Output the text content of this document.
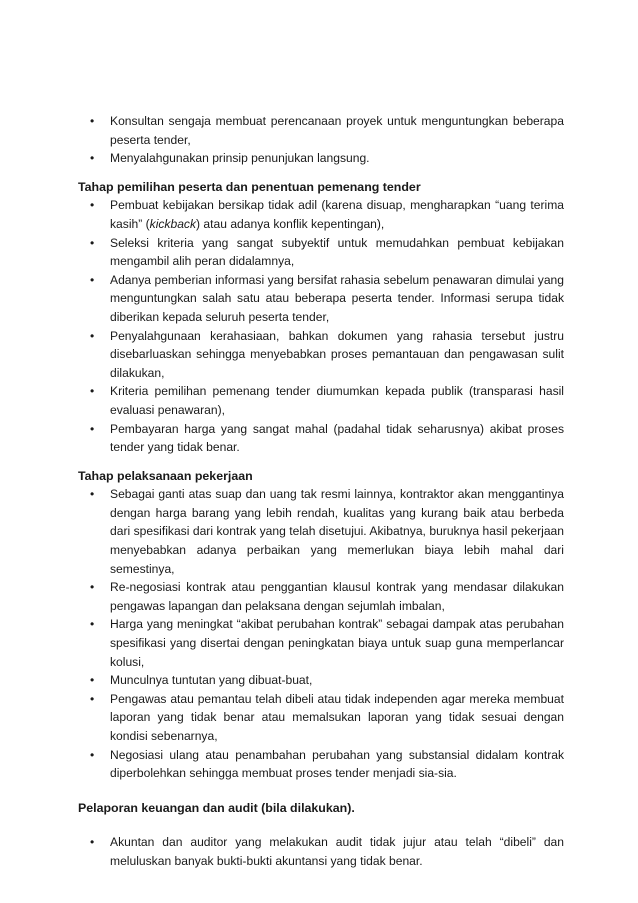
• Konsultan sengaja membuat perencanaan proyek untuk menguntungkan beberapa peserta tender,
• Menyalahgunakan prinsip penunjukan langsung.

Tahap pemilihan peserta dan penentuan pemenang tender

• Pembuat kebijakan bersikap tidak adil (karena disuap, mengharapkan “uang terima kasih” (kickback) atau adanya konflik kepentingan),
• Seleksi kriteria yang sangat subyektif untuk memudahkan pembuat kebijakan mengambil alih peran didalamnya,
• Adanya pemberian informasi yang bersifat rahasia sebelum penawaran dimulai yang menguntungkan salah satu atau beberapa peserta tender. Informasi serupa tidak diberikan kepada seluruh peserta tender,
• Penyalahgunaan kerahasiaan, bahkan dokumen yang rahasia tersebut justru disebarluaskan sehingga menyebabkan proses pemantauan dan pengawasan sulit dilakukan,
• Kriteria pemilihan pemenang tender diumumkan kepada publik (transparasi hasil evaluasi penawaran),
• Pembayaran harga yang sangat mahal (padahal tidak seharusnya) akibat proses tender yang tidak benar.

Tahap pelaksanaan pekerjaan

• Sebagai ganti atas suap dan uang tak resmi lainnya, kontraktor akan menggantinya dengan harga barang yang lebih rendah, kualitas yang kurang baik atau berbeda dari spesifikasi dari kontrak yang telah disetujui. Akibatnya, buruknya hasil pekerjaan menyebabkan adanya perbaikan yang memerlukan biaya lebih mahal dari semestinya,
• Re-negosiasi kontrak atau penggantian klausul kontrak yang mendasar dilakukan pengawas lapangan dan pelaksana dengan sejumlah imbalan,
• Harga yang meningkat “akibat perubahan kontrak” sebagai dampak atas perubahan spesifikasi yang disertai dengan peningkatan biaya untuk suap guna memperlancar kolusi,
• Munculnya tuntutan yang dibuat-buat,
• Pengawas atau pemantau telah dibeli atau tidak independen agar mereka membuat laporan yang tidak benar atau memalsukan laporan yang tidak sesuai dengan kondisi sebenarnya,
• Negosiasi ulang atau penambahan perubahan yang substansial didalam kontrak diperbolehkan sehingga membuat proses tender menjadi sia-sia.

Pelaporan keuangan dan audit (bila dilakukan).

• Akuntan dan auditor yang melakukan audit tidak jujur atau telah “dibeli” dan meluluskan banyak bukti-bukti akuntansi yang tidak benar.
